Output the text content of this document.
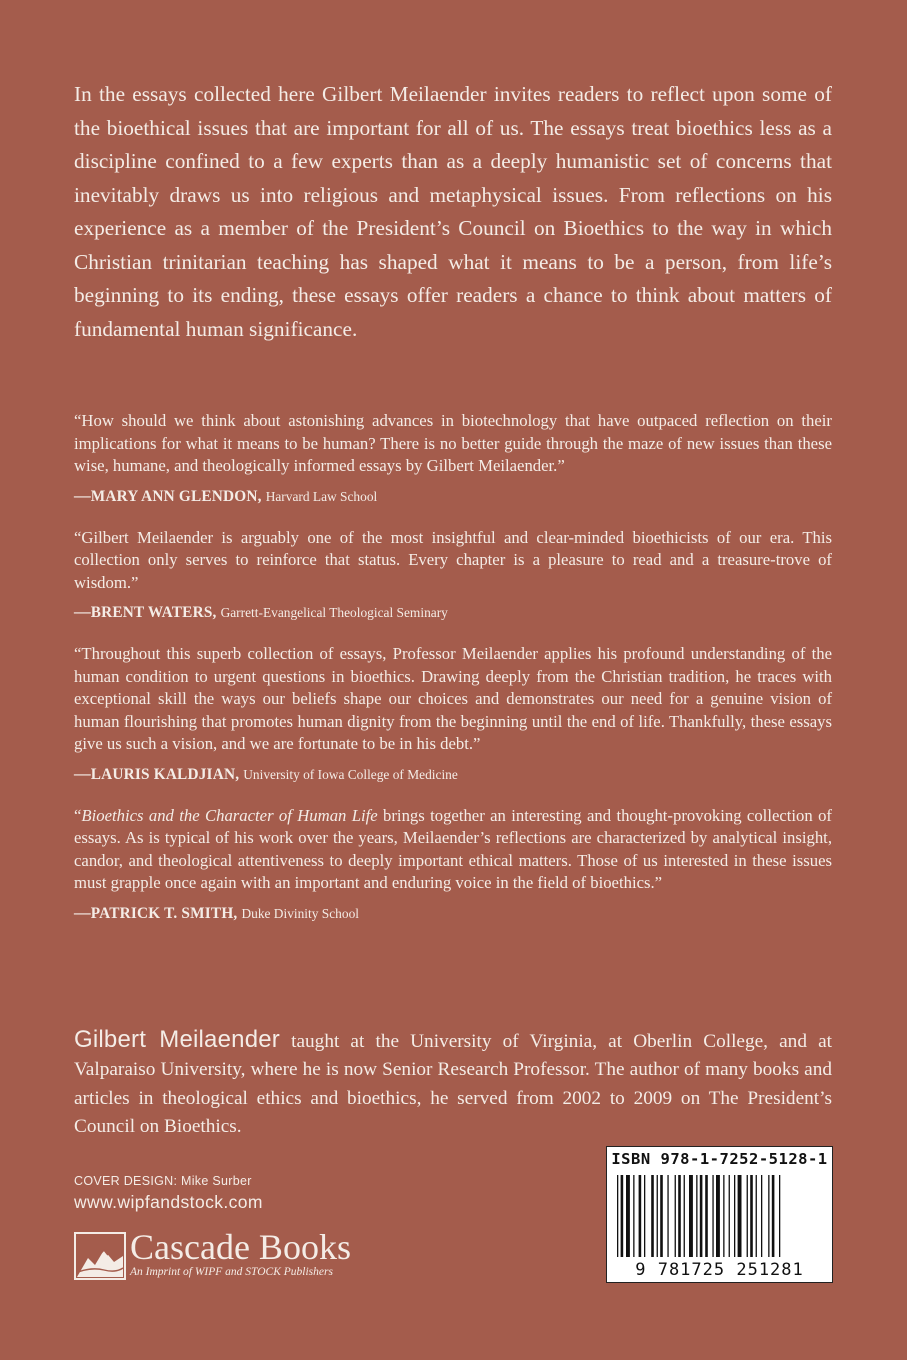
In the essays collected here Gilbert Meilaender invites readers to reflect upon some of the bioethical issues that are important for all of us. The essays treat bioethics less as a discipline confined to a few experts than as a deeply humanistic set of concerns that inevitably draws us into religious and metaphysical issues. From reflections on his experience as a member of the President’s Council on Bioethics to the way in which Christian trinitarian teaching has shaped what it means to be a person, from life’s beginning to its ending, these essays offer readers a chance to think about matters of fundamental human significance.

“How should we think about astonishing advances in biotechnology that have outpaced reflection on their implications for what it means to be human? There is no better guide through the maze of new issues than these wise, humane, and theologically informed essays by Gilbert Meilaender.”

—MARY ANN GLENDON, Harvard Law School

“Gilbert Meilaender is arguably one of the most insightful and clear-minded bioethicists of our era. This collection only serves to reinforce that status. Every chapter is a pleasure to read and a treasure-trove of wisdom.”

—BRENT WATERS, Garrett-Evangelical Theological Seminary

“Throughout this superb collection of essays, Professor Meilaender applies his profound understanding of the human condition to urgent questions in bioethics. Drawing deeply from the Christian tradition, he traces with exceptional skill the ways our beliefs shape our choices and demonstrates our need for a genuine vision of human flourishing that promotes human dignity from the beginning until the end of life. Thankfully, these essays give us such a vision, and we are fortunate to be in his debt.”

—LAURIS KALDJIAN, University of Iowa College of Medicine

“Bioethics and the Character of Human Life brings together an interesting and thought-provoking collection of essays. As is typical of his work over the years, Meilaender’s reflections are characterized by analytical insight, candor, and theological attentiveness to deeply important ethical matters. Those of us interested in these issues must grapple once again with an important and enduring voice in the field of bioethics.”

—PATRICK T. SMITH, Duke Divinity School

Gilbert Meilaender taught at the University of Virginia, at Oberlin College, and at Valparaiso University, where he is now Senior Research Professor. The author of many books and articles in theological ethics and bioethics, he served from 2002 to 2009 on The President’s Council on Bioethics.

COVER DESIGN: Mike Surber
www.wipfandstock.com
Cascade Books
An Imprint of WIPF and STOCK Publishers
ISBN 978-1-7252-5128-1
9 781725 251281
